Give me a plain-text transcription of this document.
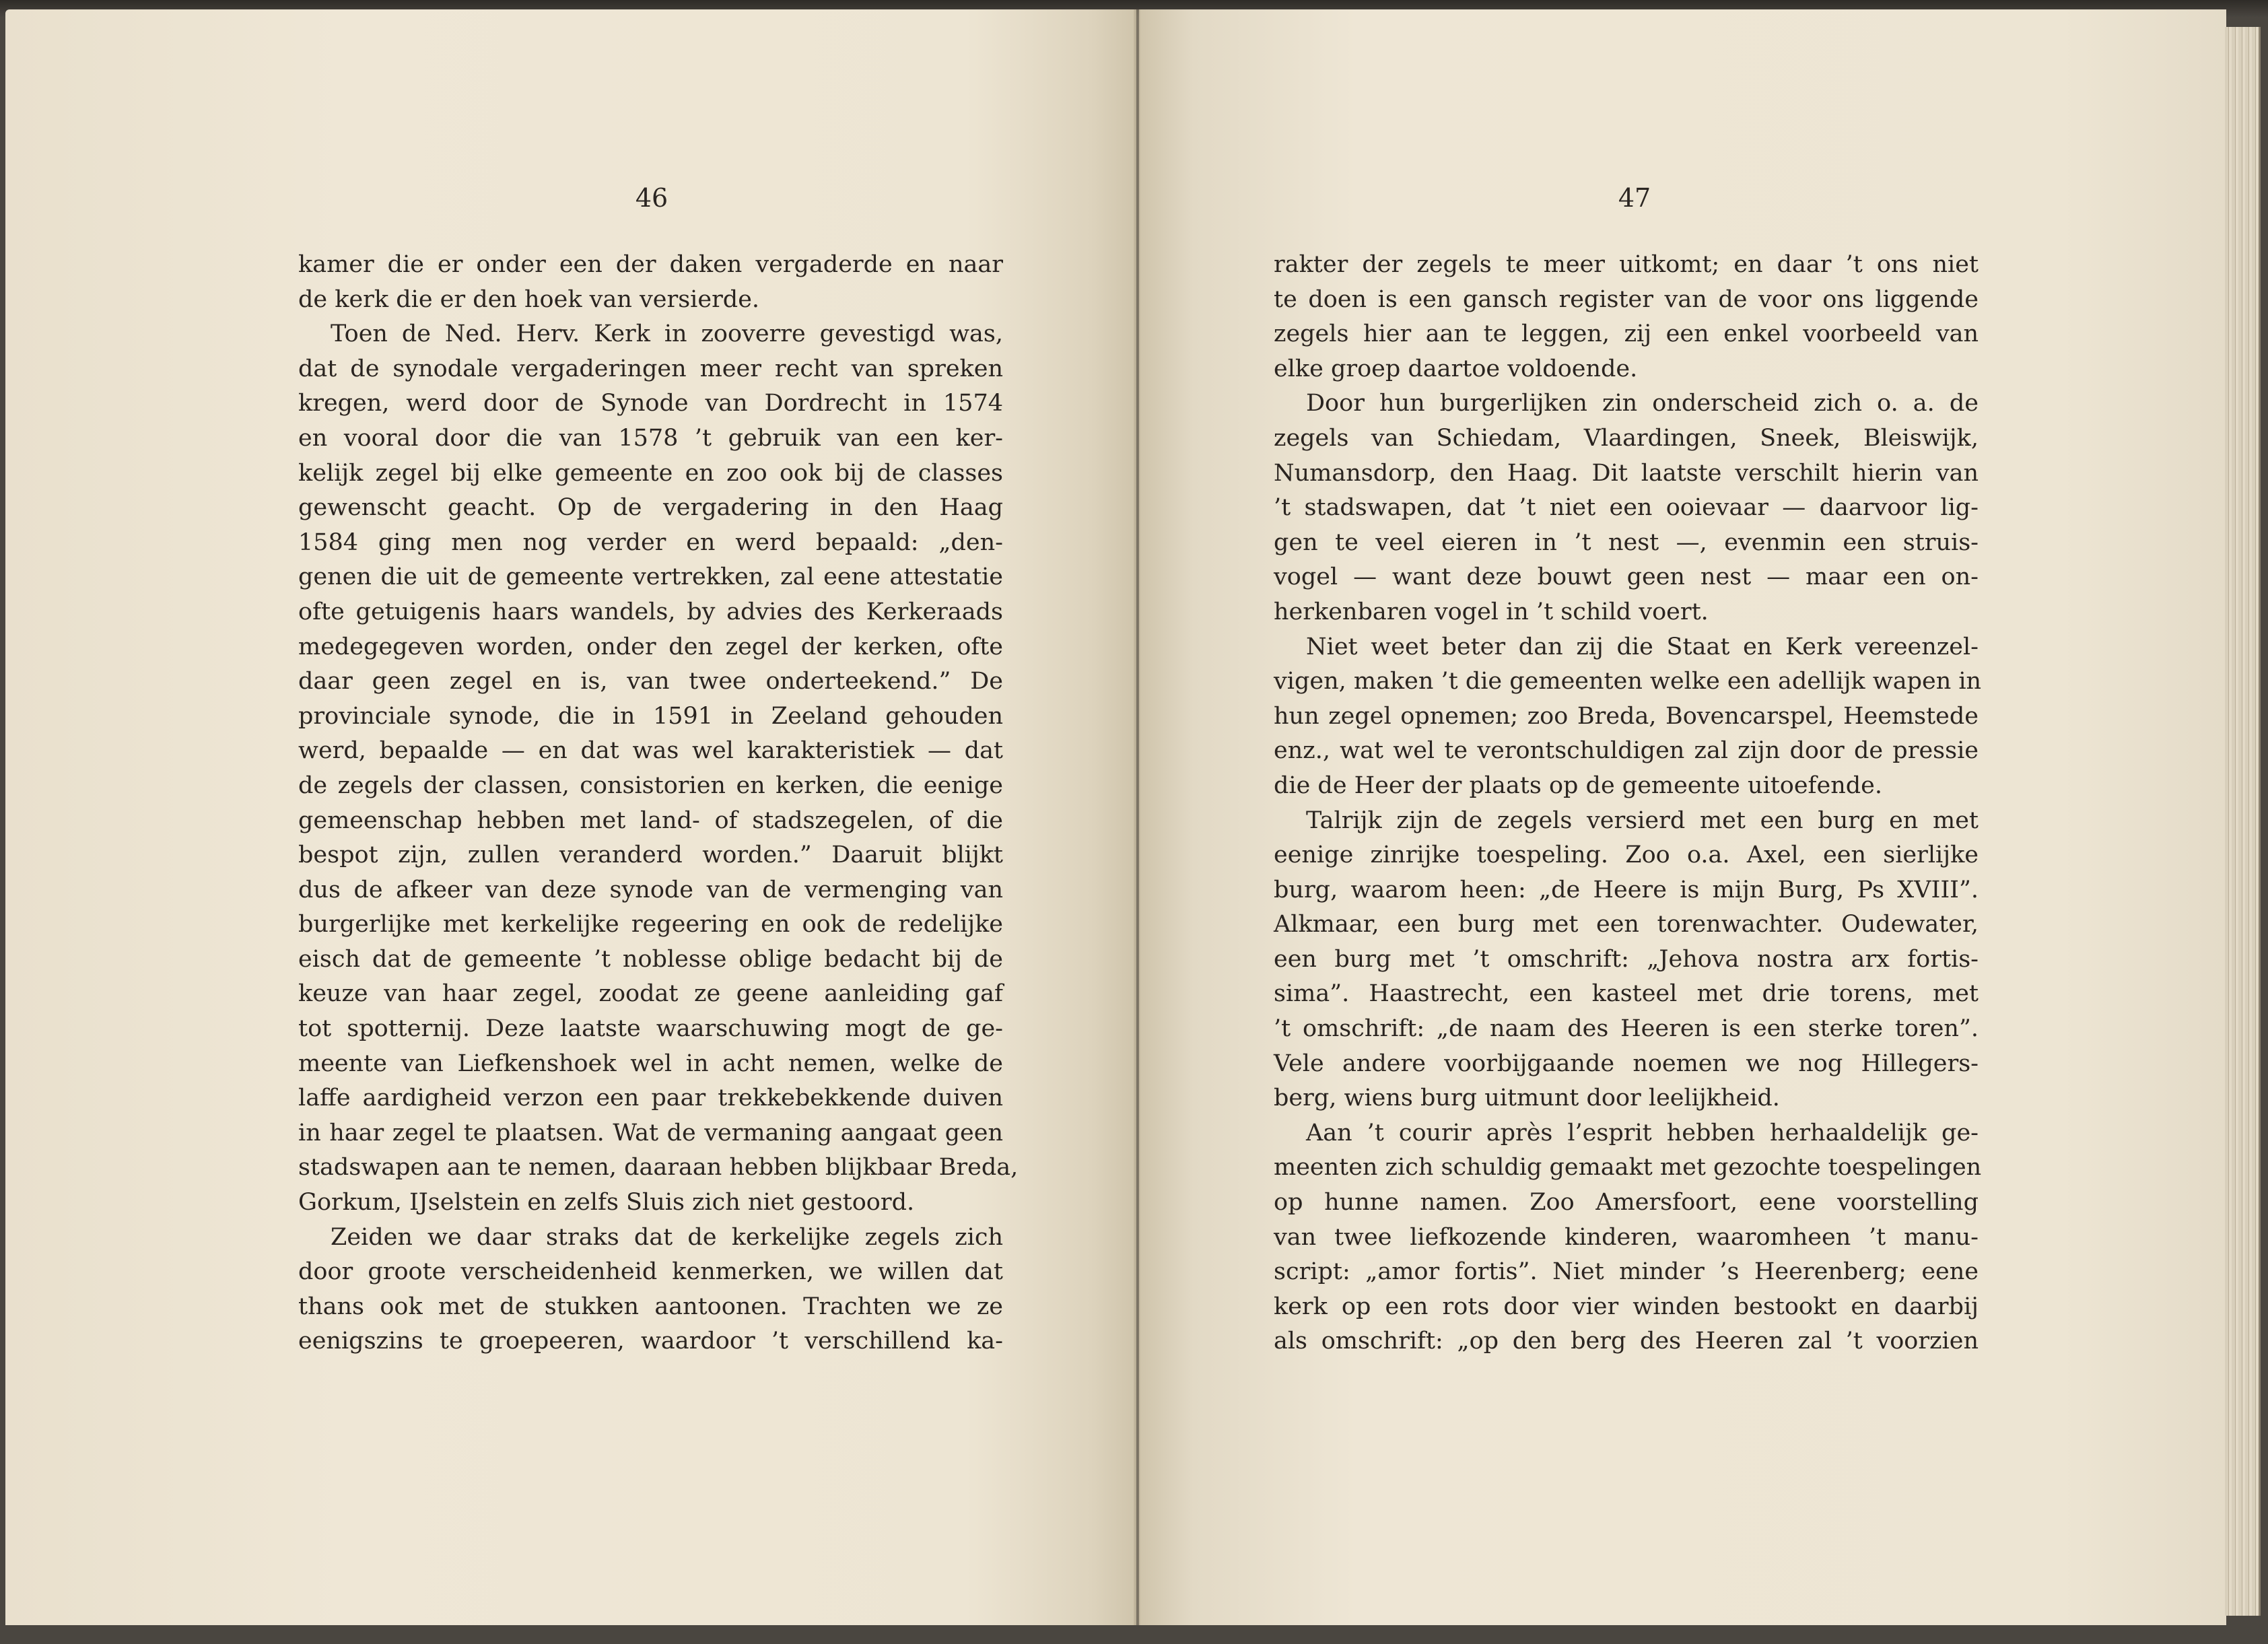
46	47
kamer die er onder een der daken vergaderde en naar
de kerk die er den hoek van versierde.
Toen de Ned. Herv. Kerk in zooverre gevestigd was,
dat de synodale vergaderingen meer recht van spreken
kregen, werd door de Synode van Dordrecht in 1574
en vooral door die van 1578 ’t gebruik van een ker-
kelijk zegel bij elke gemeente en zoo ook bij de classes
gewenscht geacht. Op de vergadering in den Haag
1584 ging men nog verder en werd bepaald: „den-
genen die uit de gemeente vertrekken, zal eene attestatie
ofte getuigenis haars wandels, by advies des Kerkeraads
medegegeven worden, onder den zegel der kerken, ofte
daar geen zegel en is, van twee onderteekend.” De
provinciale synode, die in 1591 in Zeeland gehouden
werd, bepaalde — en dat was wel karakteristiek — dat
de zegels der classen, consistorien en kerken, die eenige
gemeenschap hebben met land- of stadszegelen, of die
bespot zijn, zullen veranderd worden.” Daaruit blijkt
dus de afkeer van deze synode van de vermenging van
burgerlijke met kerkelijke regeering en ook de redelijke
eisch dat de gemeente ’t noblesse oblige bedacht bij de
keuze van haar zegel, zoodat ze geene aanleiding gaf
tot spotternij. Deze laatste waarschuwing mogt de ge-
meente van Liefkenshoek wel in acht nemen, welke de
laffe aardigheid verzon een paar trekkebekkende duiven
in haar zegel te plaatsen. Wat de vermaning aangaat geen
stadswapen aan te nemen, daaraan hebben blijkbaar Breda,
Gorkum, IJselstein en zelfs Sluis zich niet gestoord.
Zeiden we daar straks dat de kerkelijke zegels zich
door groote verscheidenheid kenmerken, we willen dat
thans ook met de stukken aantoonen. Trachten we ze
eenigszins te groepeeren, waardoor ’t verschillend ka-
rakter der zegels te meer uitkomt; en daar ’t ons niet
te doen is een gansch register van de voor ons liggende
zegels hier aan te leggen, zij een enkel voorbeeld van
elke groep daartoe voldoende.
Door hun burgerlijken zin onderscheid zich o. a. de
zegels van Schiedam, Vlaardingen, Sneek, Bleiswijk,
Numansdorp, den Haag. Dit laatste verschilt hierin van
’t stadswapen, dat ’t niet een ooievaar — daarvoor lig-
gen te veel eieren in ’t nest —, evenmin een struis-
vogel — want deze bouwt geen nest — maar een on-
herkenbaren vogel in ’t schild voert.
Niet weet beter dan zij die Staat en Kerk vereenzel-
vigen, maken ’t die gemeenten welke een adellijk wapen in
hun zegel opnemen; zoo Breda, Bovencarspel, Heemstede
enz., wat wel te verontschuldigen zal zijn door de pressie
die de Heer der plaats op de gemeente uitoefende.
Talrijk zijn de zegels versierd met een burg en met
eenige zinrijke toespeling. Zoo o.a. Axel, een sierlijke
burg, waarom heen: „de Heere is mijn Burg, Ps XVIII”.
Alkmaar, een burg met een torenwachter. Oudewater,
een burg met ’t omschrift: „Jehova nostra arx fortis-
sima”. Haastrecht, een kasteel met drie torens, met
’t omschrift: „de naam des Heeren is een sterke toren”.
Vele andere voorbijgaande noemen we nog Hillegers-
berg, wiens burg uitmunt door leelijkheid.
Aan ’t courir après l’esprit hebben herhaaldelijk ge-
meenten zich schuldig gemaakt met gezochte toespelingen
op hunne namen. Zoo Amersfoort, eene voorstelling
van twee liefkozende kinderen, waaromheen ’t manu-
script: „amor fortis”. Niet minder ’s Heerenberg; eene
kerk op een rots door vier winden bestookt en daarbij
als omschrift: „op den berg des Heeren zal ’t voorzien
